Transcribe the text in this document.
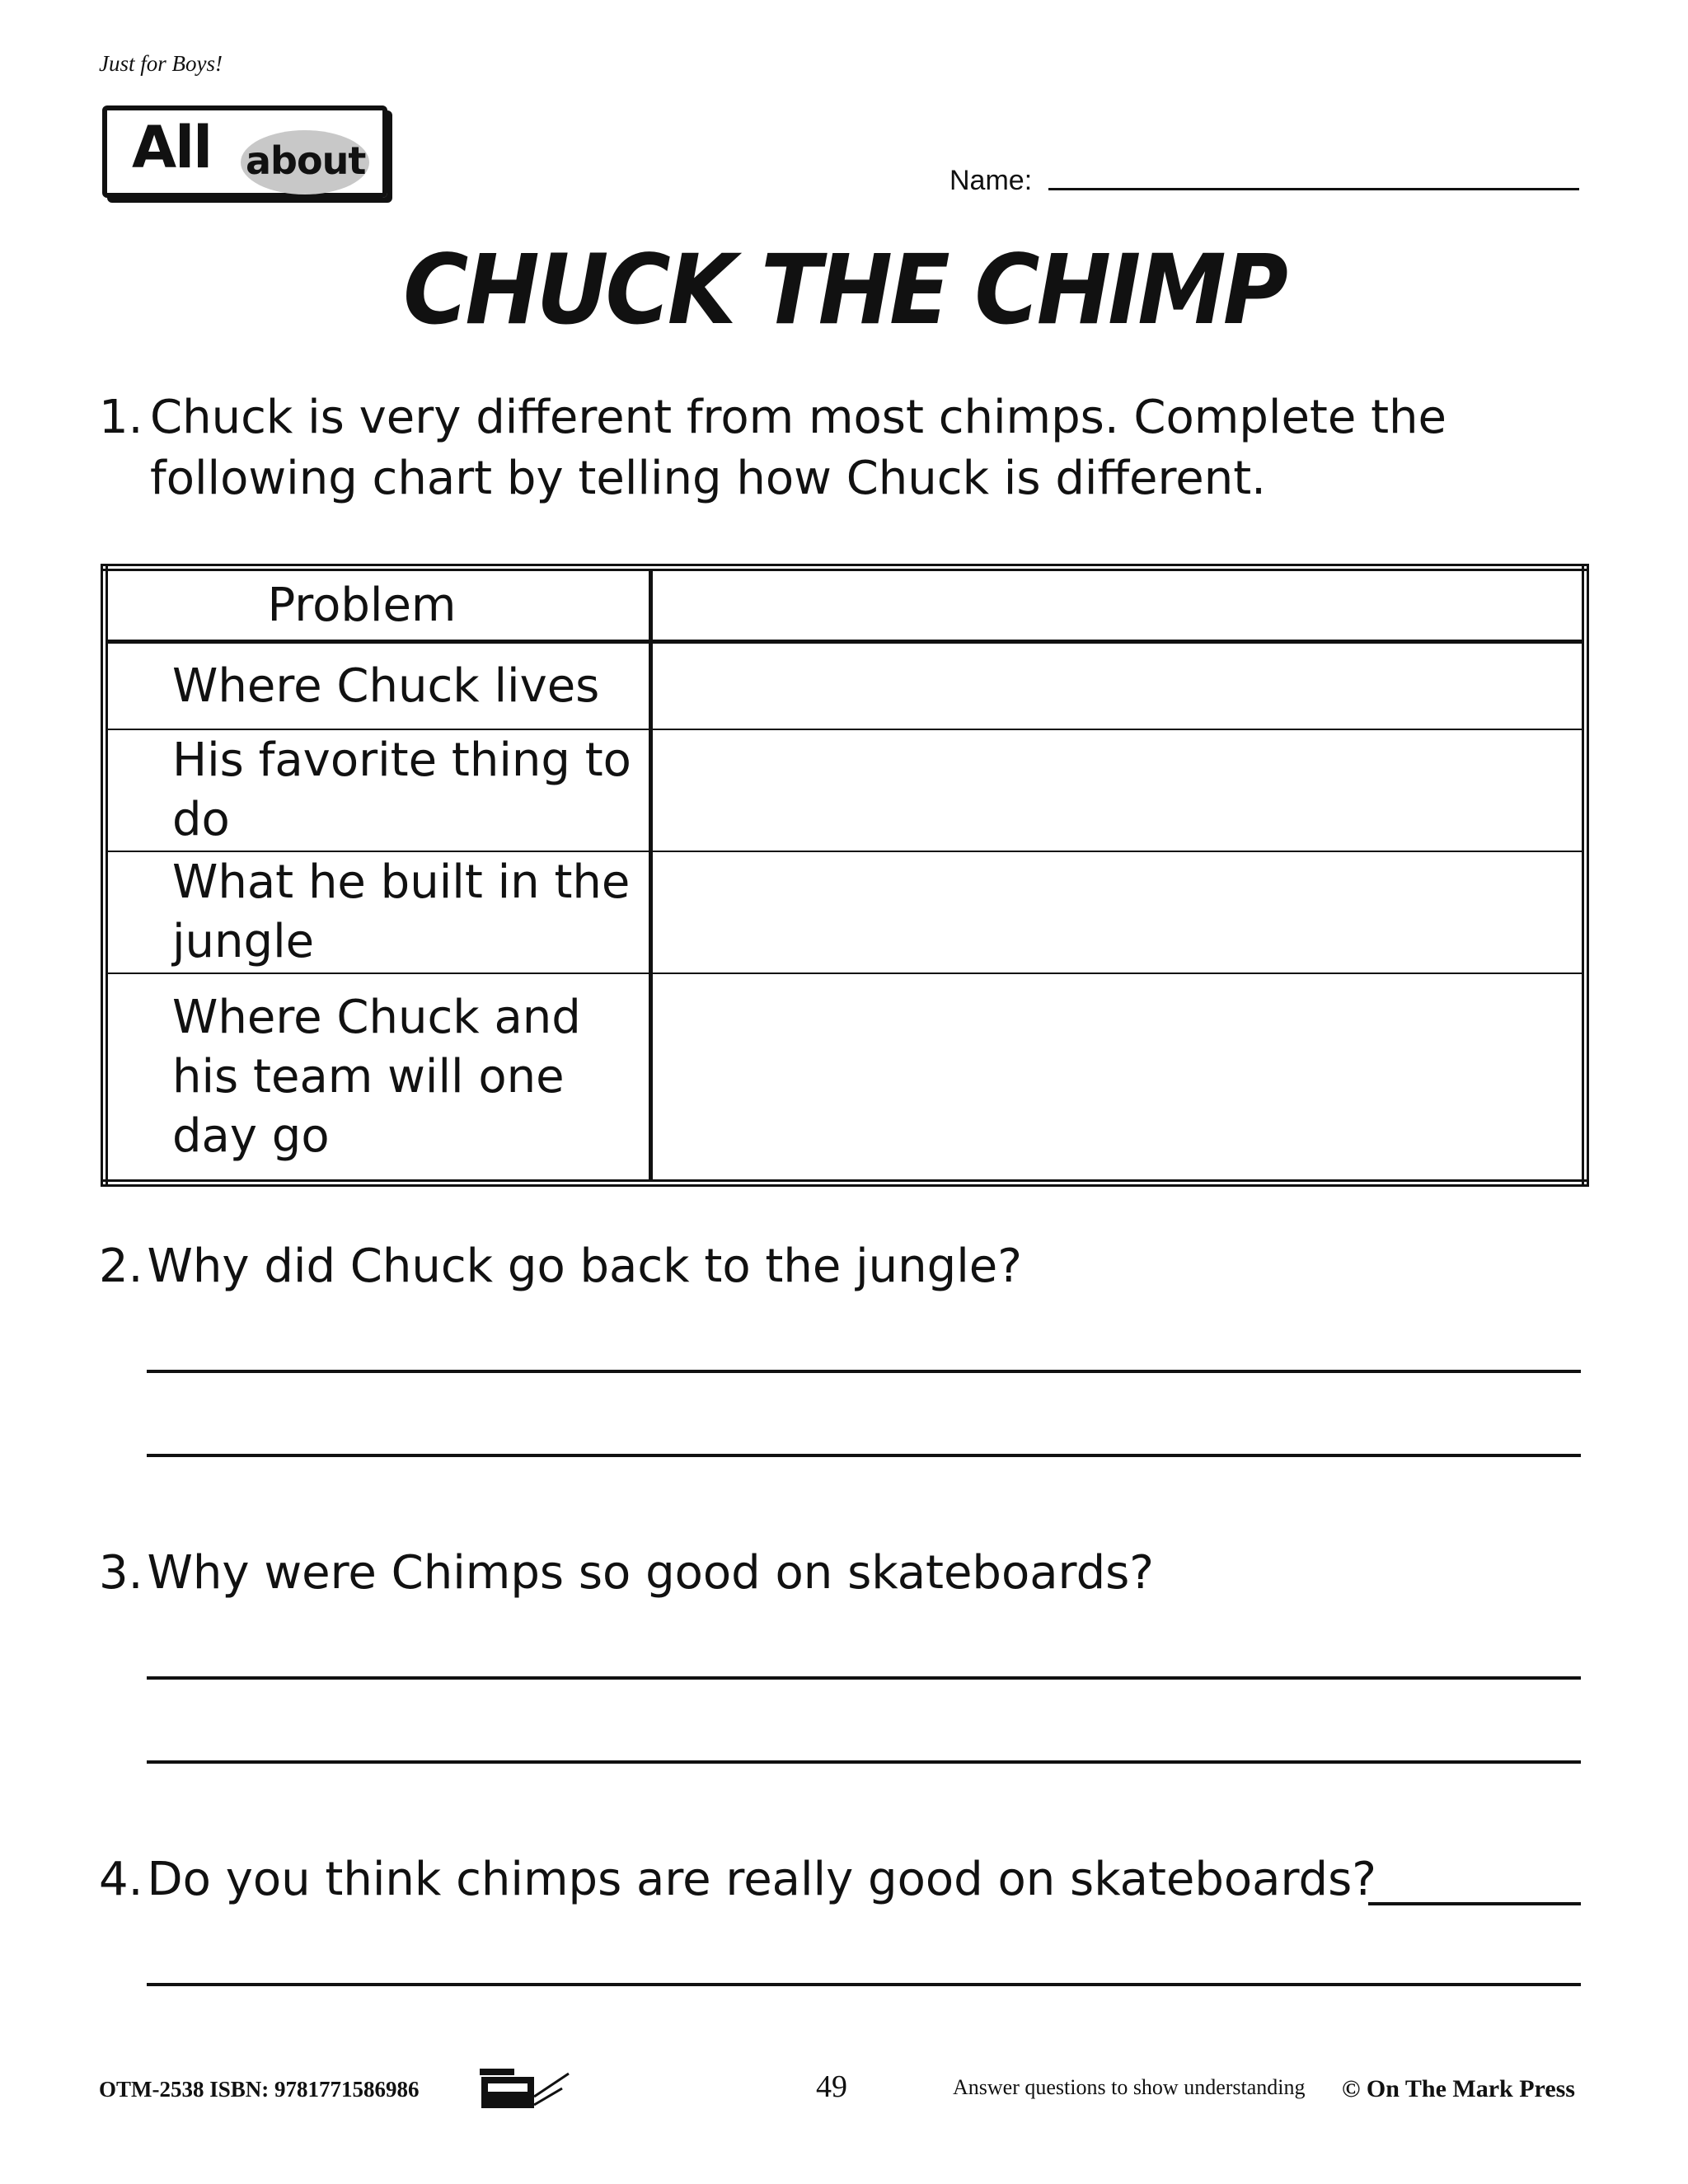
Just for Boys!
All about	Name:
CHUCK THE CHIMP
1. Chuck is very different from most chimps. Complete the following chart by telling how Chuck is different.
Problem	
Where Chuck lives	
His favorite thing to do	
What he built in the jungle	
Where Chuck and his team will one day go	
2. Why did Chuck go back to the jungle?
3. Why were Chimps so good on skateboards?
4. Do you think chimps are really good on skateboards?
OTM-2538 ISBN: 9781771586986	49	Answer questions to show understanding © On The Mark Press
